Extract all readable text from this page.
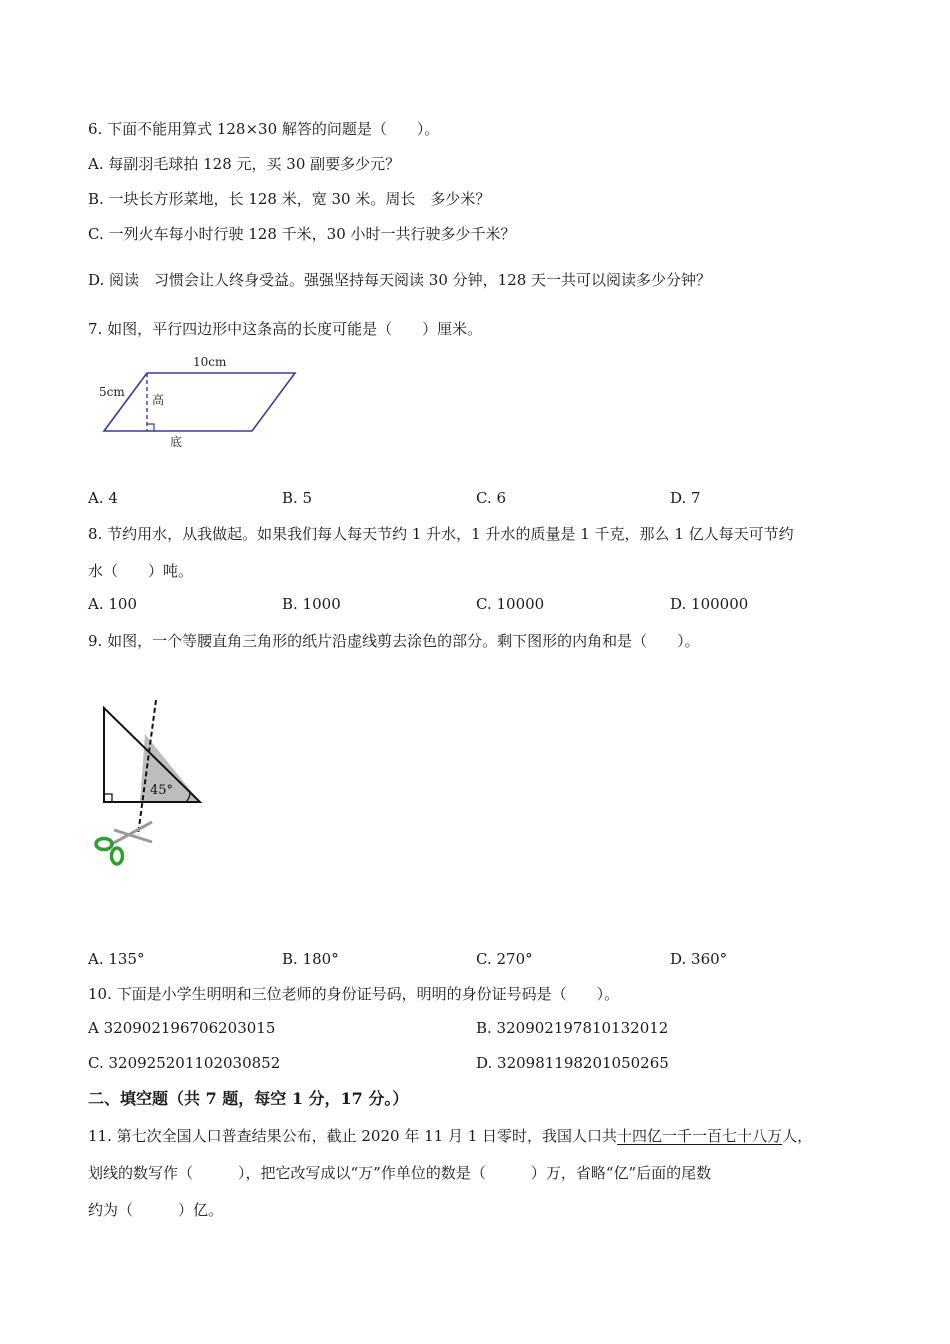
6. 下面不能用算式 128×30 解答的问题是（　　）。
A. 每副羽毛球拍 128 元，买 30 副要多少元？
B. 一块长方形菜地，长 128 米，宽 30 米。周长　多少米？
C. 一列火车每小时行驶 128 千米，30 小时一共行驶多少千米？
D. 阅读　习惯会让人终身受益。强强坚持每天阅读 30 分钟，128 天一共可以阅读多少分钟？
7. 如图，平行四边形中这条高的长度可能是（　　）厘米。
10cm
5cm
高
底
A. 4	B. 5	C. 6	D. 7
8. 节约用水，从我做起。如果我们每人每天节约 1 升水，1 升水的质量是 1 千克，那么 1 亿人每天可节约
水（　　）吨。
A. 100	B. 1000	C. 10000	D. 100000
9. 如图，一个等腰直角三角形的纸片沿虚线剪去涂色的部分。剩下图形的内角和是（　　）。
45°
A. 135°	B. 180°	C. 270°	D. 360°
10. 下面是小学生明明和三位老师的身份证号码，明明的身份证号码是（　　）。
A 320902196706203015	B. 320902197810132012
C. 320925201102030852	D. 320981198201050265
二、填空题（共 7 题，每空 1 分，17 分。）
11. 第七次全国人口普查结果公布，截止 2020 年 11 月 1 日零时，我国人口共十四亿一千一百七十八万人，
划线的数写作（　　　），把它改写成以“万”作单位的数是（　　　）万，省略“亿”后面的尾数
约为（　　　）亿。
